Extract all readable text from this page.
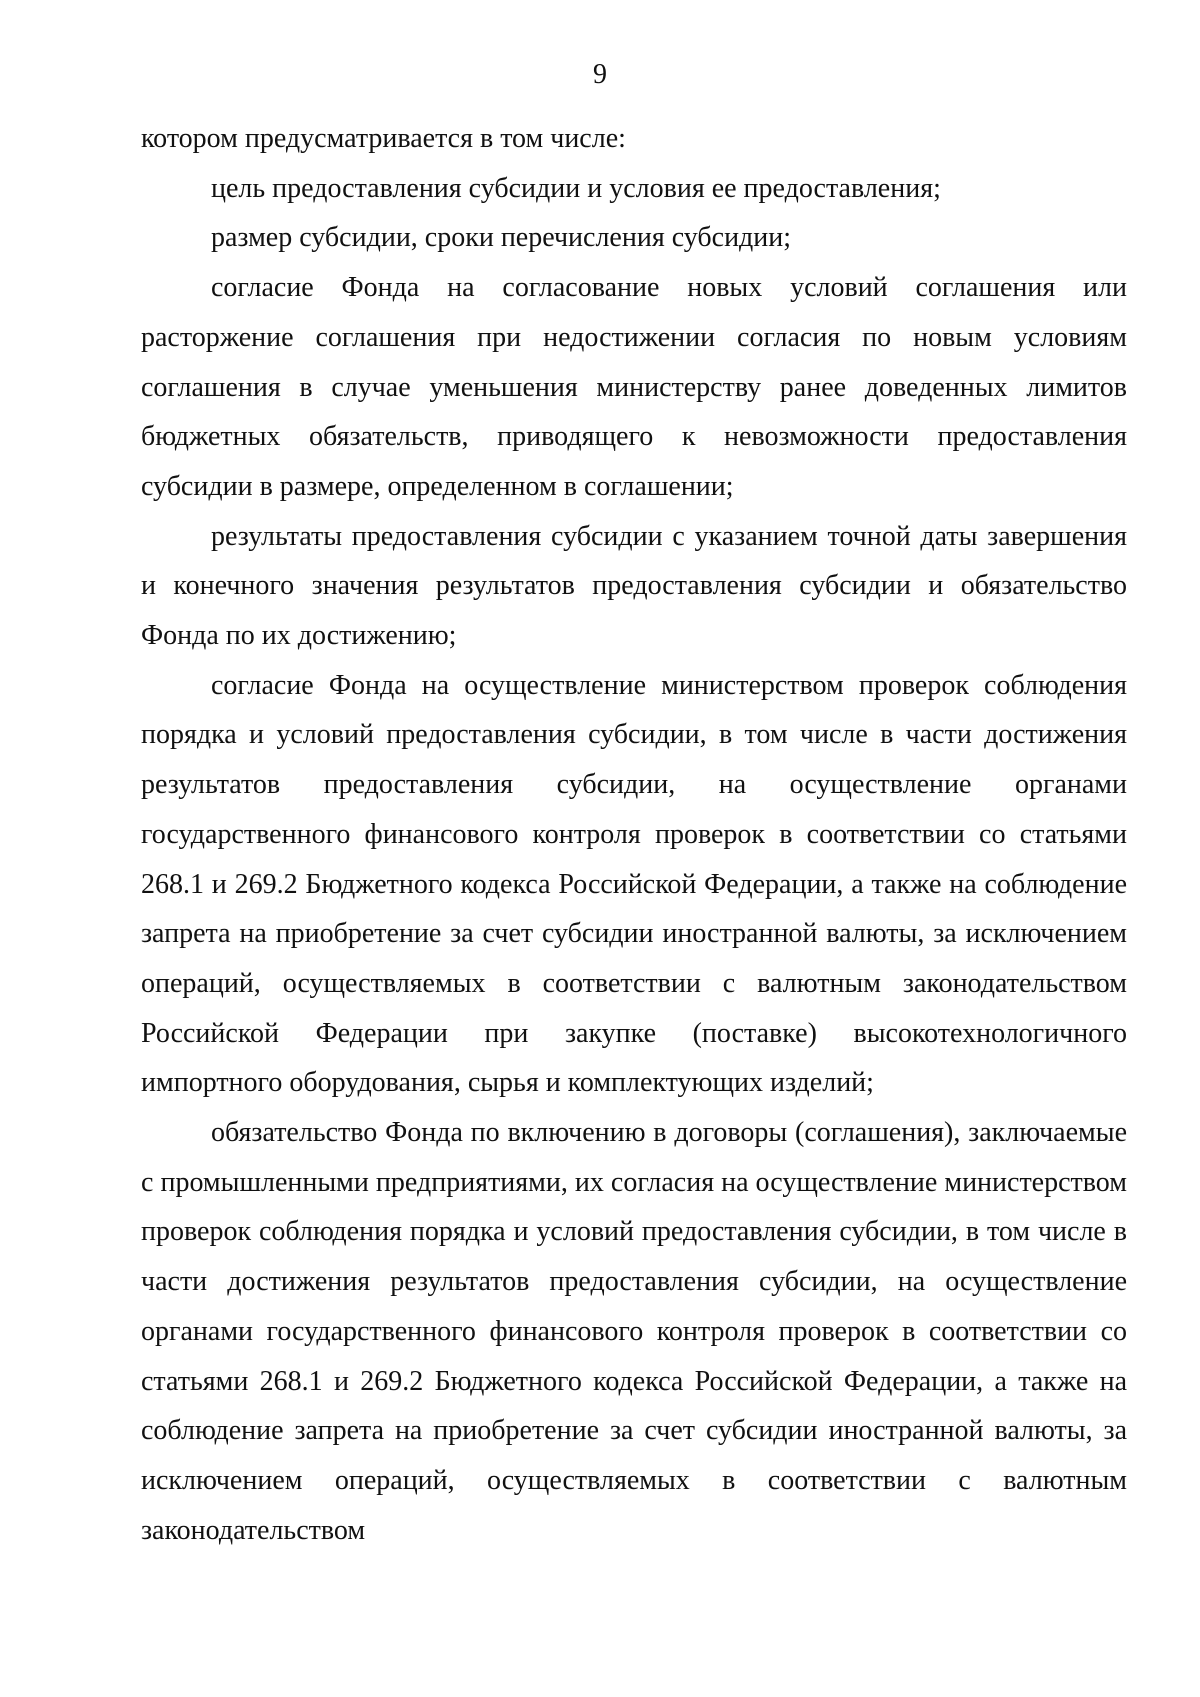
9

котором предусматривается в том числе:

цель предоставления субсидии и условия ее предоставления;

размер субсидии, сроки перечисления субсидии;

согласие Фонда на согласование новых условий соглашения или расторжение соглашения при недостижении согласия по новым условиям соглашения в случае уменьшения министерству ранее доведенных лимитов бюджетных обязательств, приводящего к невозможности предоставления субсидии в размере, определенном в соглашении;

результаты предоставления субсидии с указанием точной даты завершения и конечного значения результатов предоставления субсидии и обязательство Фонда по их достижению;

согласие Фонда на осуществление министерством проверок соблюдения порядка и условий предоставления субсидии, в том числе в части достижения результатов предоставления субсидии, на осуществление органами государственного финансового контроля проверок в соответствии со статьями 268.1 и 269.2 Бюджетного кодекса Российской Федерации, а также на соблюдение запрета на приобретение за счет субсидии иностранной валюты, за исключением операций, осуществляемых в соответствии с валютным законодательством Российской Федерации при закупке (поставке) высокотехнологичного импортного оборудования, сырья и комплектующих изделий;

обязательство Фонда по включению в договоры (соглашения), заключаемые с промышленными предприятиями, их согласия на осуществление министерством проверок соблюдения порядка и условий предоставления субсидии, в том числе в части достижения результатов предоставления субсидии, на осуществление органами государственного финансового контроля проверок в соответствии со статьями 268.1 и 269.2 Бюджетного кодекса Российской Федерации, а также на соблюдение запрета на приобретение за счет субсидии иностранной валюты, за исключением операций, осуществляемых в соответствии с валютным законодательством
